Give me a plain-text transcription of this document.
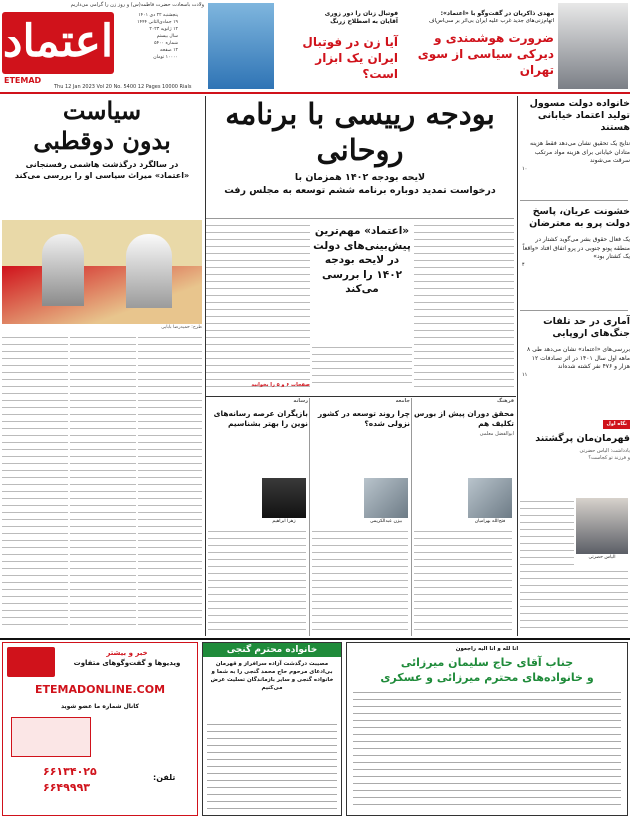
ولادت باسعادت حضرت فاطمه(س) و روز زن را گرامی می‌داریم
اعتماد
ETEMAD
پنجشنبه ۲۲ دی ۱۴۰۱
۱۹ جمادی‌الثانی ۱۴۴۴
۱۲ ژانویه ۲۰۲۳
سال بیستم
شماره ۵۴۰۰
۱۲ صفحه
۱۰۰۰۰ تومان
Thu 12 Jan 2023 Vol 20 No. 5400 12 Pages 10000 Rials
فوتبال زنان را دور زوری
آقایان به اصطلاح زرنگ
آیا زن در فوتبال ایران یک ابزار است؟
مهدی ذاکریان در گفت‌وگو با «اعتماد»:
اتهام‌زنی‌های جدید غرب علیه ایران بی‌اثر بر سی‌اس‌اف
ضرورت هوشمندی و دیرکی سیاسی از سوی تهران
خانواده دولت مسوول تولید اعتماد خیابانی هستند
نتایج یک تحقیق نشان می‌دهد فقط هزینه متادان خیابانی برای هزینه مواد مرتکب سرقت می‌شوند
۱۰
خشونت عریان، پاسخ دولت پرو به معترضان
یک فعال حقوق بشر می‌گوید کشتار در منطقه پونو جنوبی در پرو اتفاق افتاد «واقعاً یک کشتار بود»
۴
آماری در حد تلفات جنگ‌های اروپایی
بررسی‌های «اعتماد» نشان می‌دهد طی ۸ ماهه اول سال ۱۴۰۱ در اثر تصادفات ۱۲ هزار و ۴۷۶ نفر کشته شده‌اند
۱۱
نگاه اول
قهرمان‌مان پرگشتند
یادداشت: الیاس حضرتی
و فرزند تو کجاست؟
الیاس حضرتی
بودجه رییسی با برنامه روحانی
لایحه بودجه ۱۴۰۲ همزمان با
درخواست تمدید دوباره برنامه ششم توسعه به مجلس رفت
«اعتماد» مهم‌ترین پیش‌بینی‌های دولت در لایحه بودجه ۱۴۰۲ را بررسی می‌کند
صفحات ۶ و ۵ را بخوانید
سیاست
بدون دوقطبی
در سالگرد درگذشت هاشمی رفسنجانی
«اعتماد» میراث سیاسی او را بررسی می‌کند
طرح: حمیدرضا بابایی
فرهنگ
محقق دوران پیش از بورس تکلیف هم
ابوالفضل معلمی
فتح‌الله بهرامیان
جامعه
چرا روند توسعه در کشور نزولی شده؟
بیژن عبدالکریمی
رسانه
بازیگران عرصه رسانه‌های نوین را بهتر بشناسیم
زهرا ابراهیم
انا لله و انا الیه راجعون
جناب آقای حاج سلیمان میرزائی
و خانواده‌های محترم میرزائی و عسکری
خانواده محترم گنجی
مصیبت درگذشت آزاده سرافراز و قهرمان بی‌ادعای مرحوم حاج محمد گنجی را به شما و خانواده گنجی و سایر بازماندگان تسلیت عرض می‌کنیم
خبر و بیشتر
ویدیوها و گفت‌وگوهای متفاوت
ETEMADONLINE.COM
کانال شماره ما عضو شوید
تلفن:
۶۶۱۳۴۰۲۵
۶۶۴۹۹۹۳
